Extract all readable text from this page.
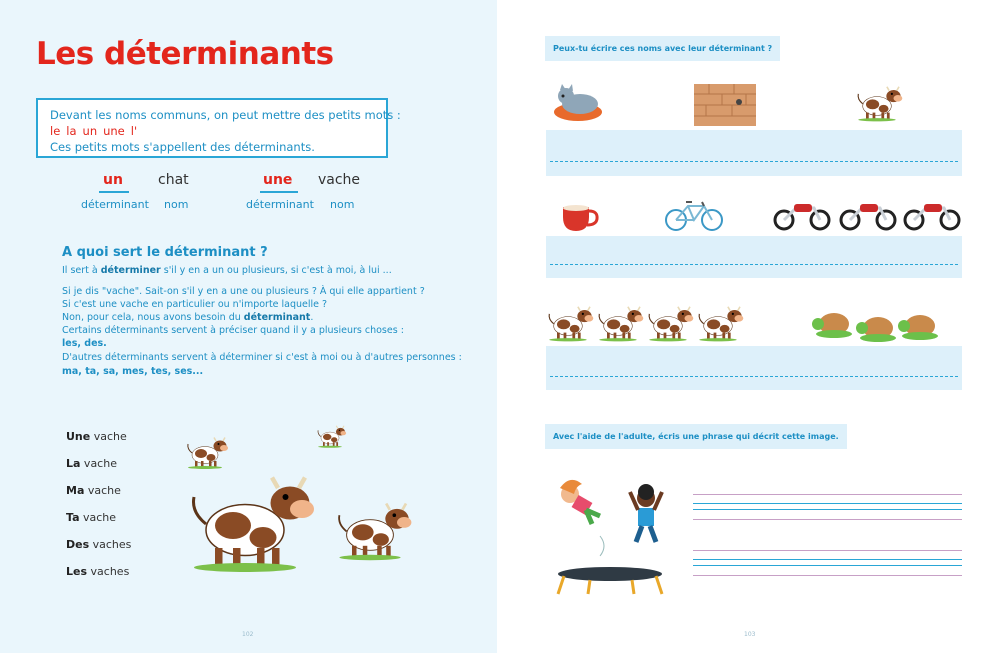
Les déterminants
Devant les noms communs, on peut mettre des petits mots :
le la un une l'
Ces petits mots s'appellent des déterminants.
un	chat
déterminant nom
une vache
déterminant nom
A quoi sert le déterminant ?
Il sert à déterminer s'il y en a un ou plusieurs, si c'est à moi, à lui ...
Si je dis "vache". Sait-on s'il y en a une ou plusieurs ? À qui elle appartient ?
Si c'est une vache en particulier ou n'importe laquelle ?
Non, pour cela, nous avons besoin du déterminant.
Certains déterminants servent à préciser quand il y a plusieurs choses :
les, des.
D'autres déterminants servent à déterminer si c'est à moi ou à d'autres personnes :
ma, ta, sa, mes, tes, ses...
Une vache
La vache
Ma vache
Ta vache
Des vaches
Les vaches
102
Peux-tu écrire ces noms avec leur déterminant ?
Avec l'aide de l'adulte, écris une phrase qui décrit cette image.
103
